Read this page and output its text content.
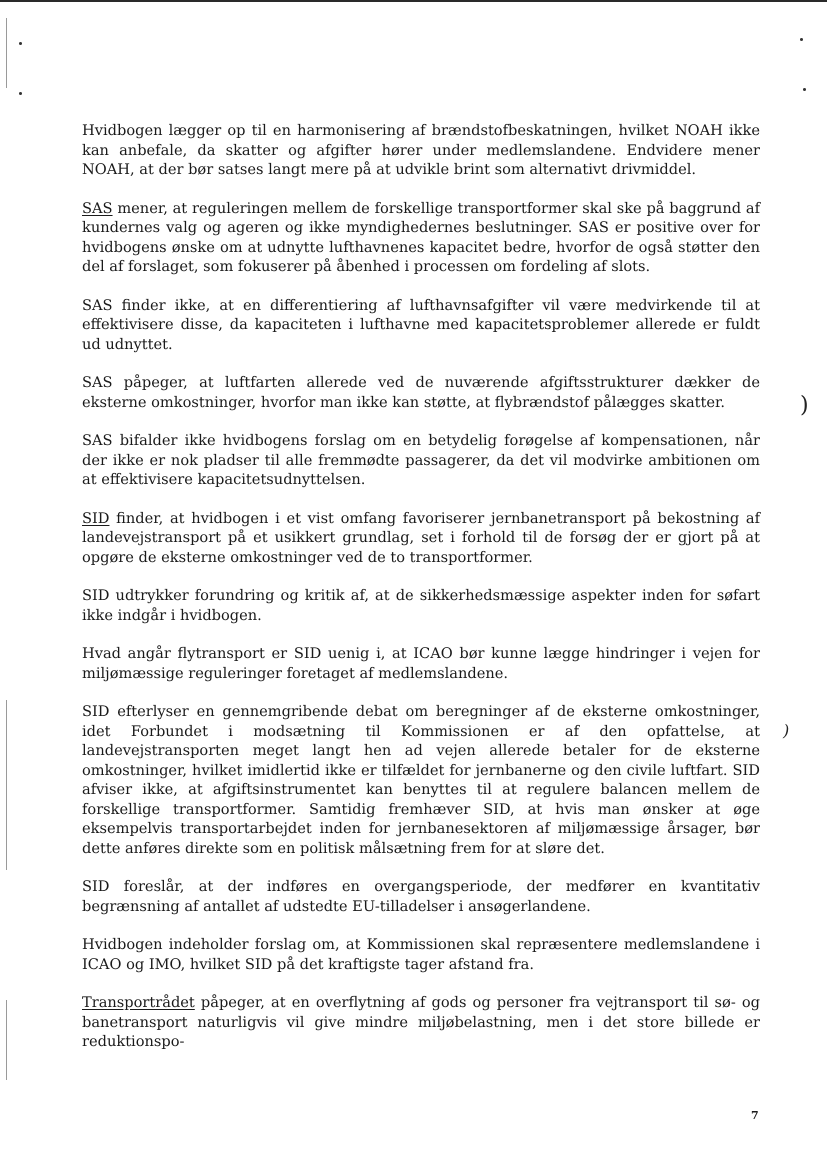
)
)

Hvidbogen lægger op til en harmonisering af brændstofbeskatningen, hvilket NOAH ikke kan anbefale, da skatter og afgifter hører under medlemslandene. Endvidere mener NOAH, at der bør satses langt mere på at udvikle brint som alternativt drivmiddel.

SAS mener, at reguleringen mellem de forskellige transportformer skal ske på baggrund af kundernes valg og ageren og ikke myndighedernes beslutninger. SAS er positive over for hvidbogens ønske om at udnytte lufthavnenes kapacitet bedre, hvorfor de også støtter den del af forslaget, som fokuserer på åbenhed i processen om fordeling af slots.

SAS finder ikke, at en differentiering af lufthavnsafgifter vil være medvirkende til at effektivisere disse, da kapaciteten i lufthavne med kapacitetsproblemer allerede er fuldt ud udnyttet.

SAS påpeger, at luftfarten allerede ved de nuværende afgiftsstrukturer dækker de eksterne omkostninger, hvorfor man ikke kan støtte, at flybrændstof pålægges skatter.

SAS bifalder ikke hvidbogens forslag om en betydelig forøgelse af kompensationen, når der ikke er nok pladser til alle fremmødte passagerer, da det vil modvirke ambitionen om at effektivisere kapacitetsudnyttelsen.

SID finder, at hvidbogen i et vist omfang favoriserer jernbanetransport på bekostning af landevejstransport på et usikkert grundlag, set i forhold til de forsøg der er gjort på at opgøre de eksterne omkostninger ved de to transportformer.

SID udtrykker forundring og kritik af, at de sikkerhedsmæssige aspekter inden for søfart ikke indgår i hvidbogen.

Hvad angår flytransport er SID uenig i, at ICAO bør kunne lægge hindringer i vejen for miljømæssige reguleringer foretaget af medlemslandene.

SID efterlyser en gennemgribende debat om beregninger af de eksterne omkostninger, idet Forbundet i modsætning til Kommissionen er af den opfattelse, at landevejstransporten meget langt hen ad vejen allerede betaler for de eksterne omkostninger, hvilket imidlertid ikke er tilfældet for jernbanerne og den civile luftfart. SID afviser ikke, at afgiftsinstrumentet kan benyttes til at regulere balancen mellem de forskellige transportformer. Samtidig fremhæver SID, at hvis man ønsker at øge eksempelvis transportarbejdet inden for jernbanesektoren af miljømæssige årsager, bør dette anføres direkte som en politisk målsætning frem for at sløre det.

SID foreslår, at der indføres en overgangsperiode, der medfører en kvantitativ begrænsning af antallet af udstedte EU-tilladelser i ansøgerlandene.

Hvidbogen indeholder forslag om, at Kommissionen skal repræsentere medlemslandene i ICAO og IMO, hvilket SID på det kraftigste tager afstand fra.

Transportrådet påpeger, at en overflytning af gods og personer fra vejtransport til sø- og banetransport naturligvis vil give mindre miljøbelastning, men i det store billede er reduktionspo-

7
